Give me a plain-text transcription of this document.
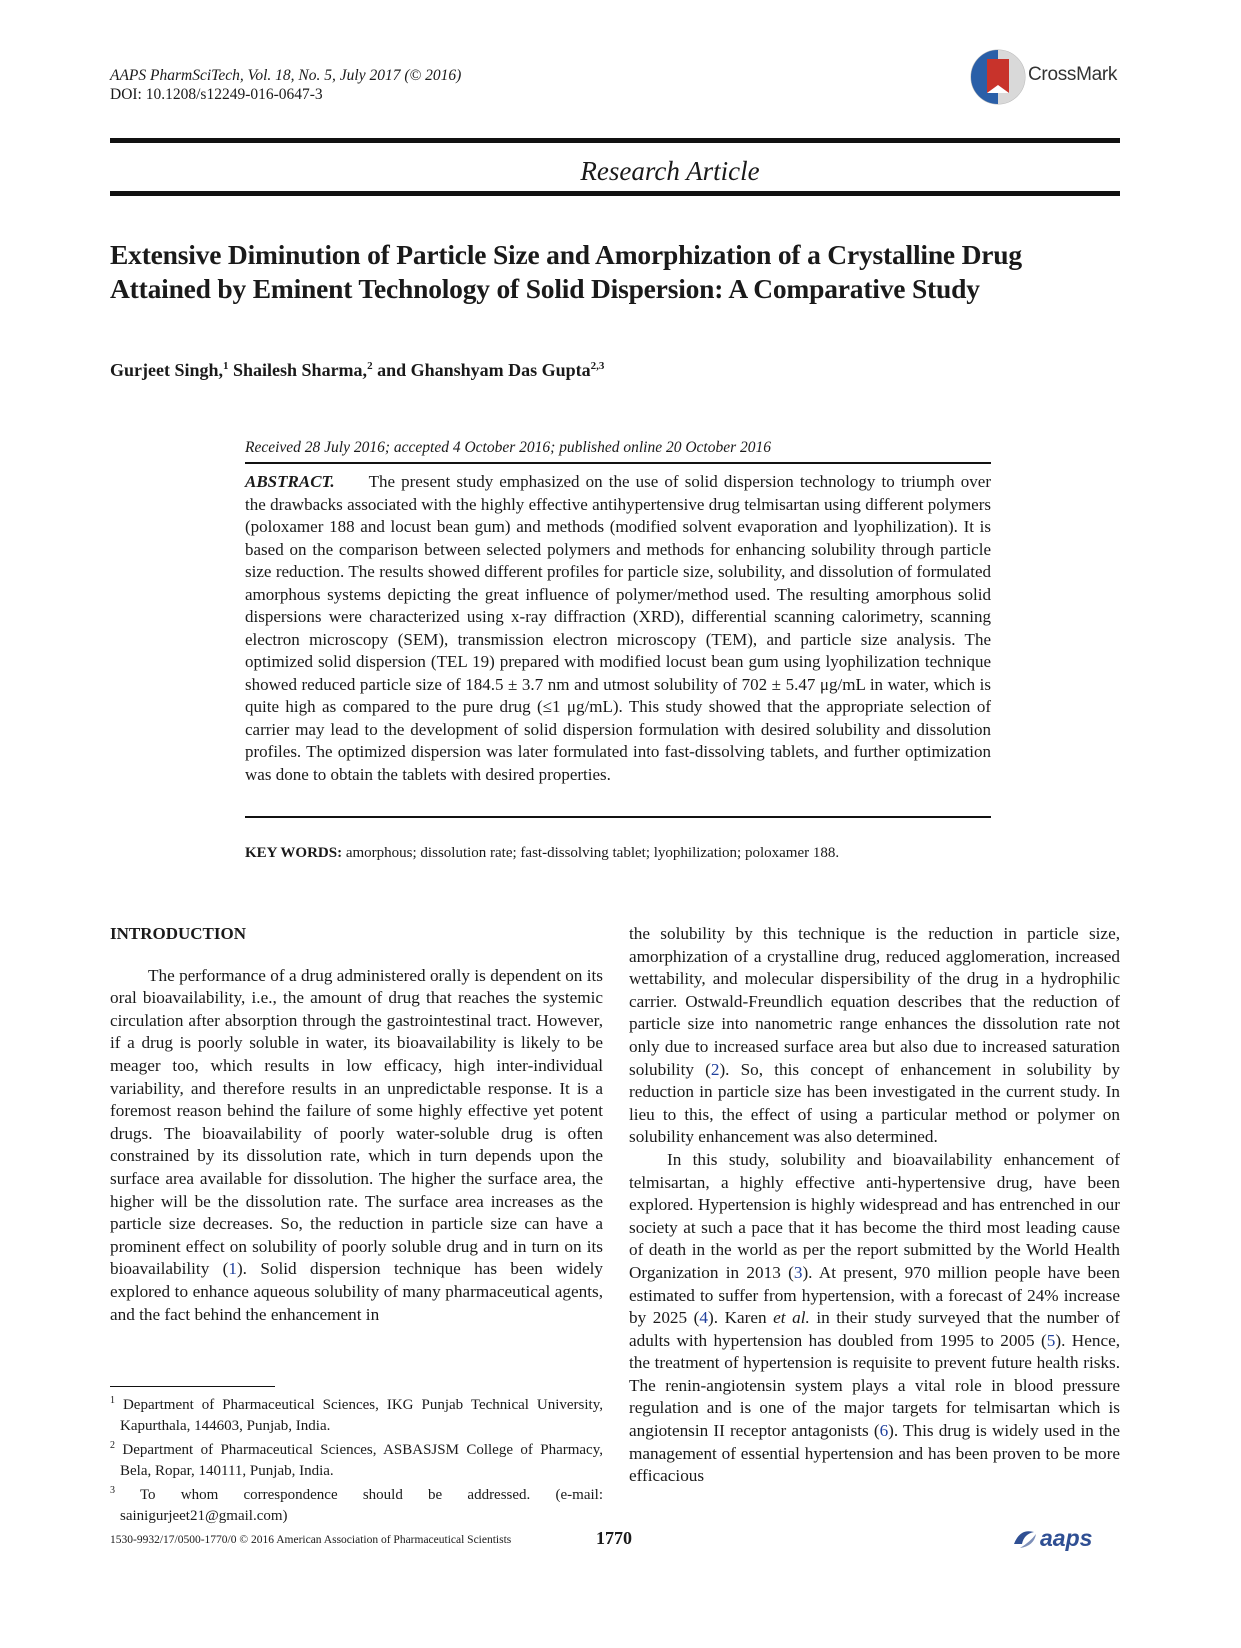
AAPS PharmSciTech, Vol. 18, No. 5, July 2017 (© 2016)
DOI: 10.1208/s12249-016-0647-3
CrossMark
Research Article
Extensive Diminution of Particle Size and Amorphization of a Crystalline Drug Attained by Eminent Technology of Solid Dispersion: A Comparative Study
Gurjeet Singh,$^1$ Shailesh Sharma,$^2$ and Ghanshyam Das Gupta$^{2,3}$
Received 28 July 2016; accepted 4 October 2016; published online 20 October 2016
ABSTRACT. The present study emphasized on the use of solid dispersion technology to triumph over the drawbacks associated with the highly effective antihypertensive drug telmisartan using different polymers (poloxamer 188 and locust bean gum) and methods (modified solvent evaporation and lyophilization). It is based on the comparison between selected polymers and methods for enhancing solubility through particle size reduction. The results showed different profiles for particle size, solubility, and dissolution of formulated amorphous systems depicting the great influence of polymer/method used. The resulting amorphous solid dispersions were characterized using x-ray diffraction (XRD), differential scanning calorimetry, scanning electron microscopy (SEM), transmission electron microscopy (TEM), and particle size analysis. The optimized solid dispersion (TEL 19) prepared with modified locust bean gum using lyophilization technique showed reduced particle size of 184.5 ± 3.7 nm and utmost solubility of 702 ± 5.47 μg/mL in water, which is quite high as compared to the pure drug (≤1 μg/mL). This study showed that the appropriate selection of carrier may lead to the development of solid dispersion formulation with desired solubility and dissolution profiles. The optimized dispersion was later formulated into fast-dissolving tablets, and further optimization was done to obtain the tablets with desired properties.
KEY WORDS: amorphous; dissolution rate; fast-dissolving tablet; lyophilization; poloxamer 188.

INTRODUCTION

The performance of a drug administered orally is dependent on its oral bioavailability, i.e., the amount of drug that reaches the systemic circulation after absorption through the gastrointestinal tract. However, if a drug is poorly soluble in water, its bioavailability is likely to be meager too, which results in low efficacy, high inter-individual variability, and therefore results in an unpredictable response. It is a foremost reason behind the failure of some highly effective yet potent drugs. The bioavailability of poorly water-soluble drug is often constrained by its dissolution rate, which in turn depends upon the surface area available for dissolution. The higher the surface area, the higher will be the dissolution rate. The surface area increases as the particle size decreases. So, the reduction in particle size can have a prominent effect on solubility of poorly soluble drug and in turn on its bioavailability (1). Solid dispersion technique has been widely explored to enhance aqueous solubility of many pharmaceutical agents, and the fact behind the enhancement in

the solubility by this technique is the reduction in particle size, amorphization of a crystalline drug, reduced agglomeration, increased wettability, and molecular dispersibility of the drug in a hydrophilic carrier. Ostwald-Freundlich equation describes that the reduction of particle size into nanometric range enhances the dissolution rate not only due to increased surface area but also due to increased saturation solubility (2). So, this concept of enhancement in solubility by reduction in particle size has been investigated in the current study. In lieu to this, the effect of using a particular method or polymer on solubility enhancement was also determined.

In this study, solubility and bioavailability enhancement of telmisartan, a highly effective anti-hypertensive drug, have been explored. Hypertension is highly widespread and has entrenched in our society at such a pace that it has become the third most leading cause of death in the world as per the report submitted by the World Health Organization in 2013 (3). At present, 970 million people have been estimated to suffer from hypertension, with a forecast of 24% increase by 2025 (4). Karen et al. in their study surveyed that the number of adults with hypertension has doubled from 1995 to 2005 (5). Hence, the treatment of hypertension is requisite to prevent future health risks. The renin-angiotensin system plays a vital role in blood pressure regulation and is one of the major targets for telmisartan which is angiotensin II receptor antagonists (6). This drug is widely used in the management of essential hypertension and has been proven to be more efficacious

$^1$ Department of Pharmaceutical Sciences, IKG Punjab Technical University, Kapurthala, 144603, Punjab, India.

$^2$ Department of Pharmaceutical Sciences, ASBASJSM College of Pharmacy, Bela, Ropar, 140111, Punjab, India.

$^3$ To whom correspondence should be addressed. (e-mail: sainigurjeet21@gmail.com)

1530-9932/17/0500-1770/0 © 2016 American Association of Pharmaceutical Scientists	1770	aaps
